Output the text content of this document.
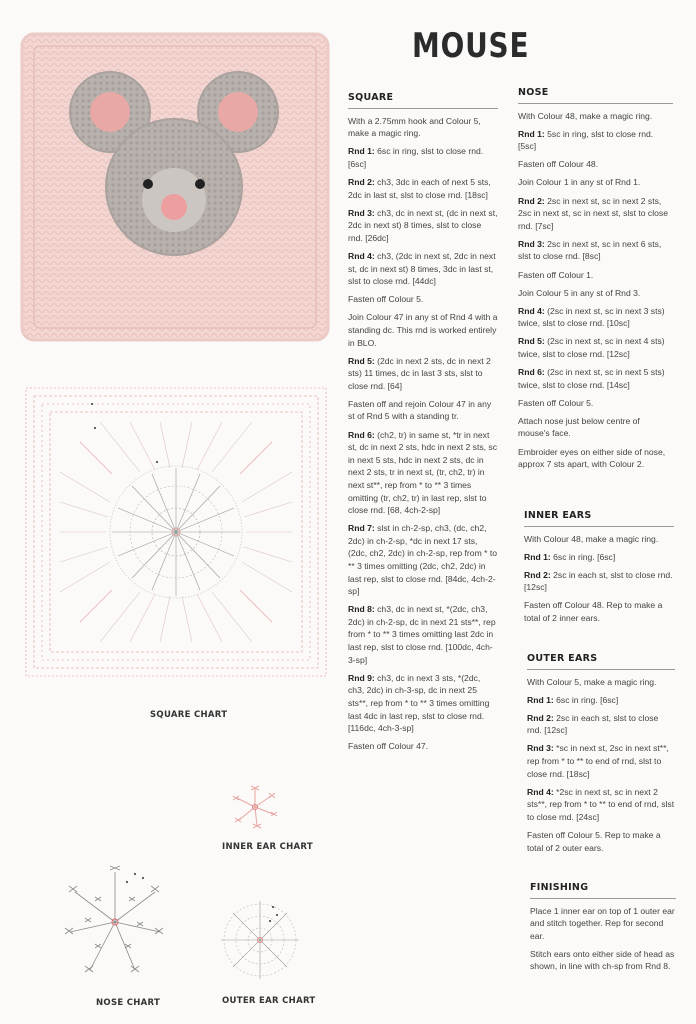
MOUSE
SQUARE CHART
INNER EAR CHART
NOSE CHART	OUTER EAR CHART
SQUARE

With a 2.75mm hook and Colour 5, make a magic ring.

Rnd 1: 6sc in ring, slst to close rnd. [6sc]

Rnd 2: ch3, 3dc in each of next 5 sts, 2dc in last st, slst to close rnd. [18sc]

Rnd 3: ch3, dc in next st, (dc in next st, 2dc in next st) 8 times, slst to close rnd. [26dc]

Rnd 4: ch3, (2dc in next st, 2dc in next st, dc in next st) 8 times, 3dc in last st, slst to close rnd. [44dc]

Fasten off Colour 5.

Join Colour 47 in any st of Rnd 4 with a standing dc. This rnd is worked entirely in BLO.

Rnd 5: (2dc in next 2 sts, dc in next 2 sts) 11 times, dc in last 3 sts, slst to close rnd. [64]

Fasten off and rejoin Colour 47 in any st of Rnd 5 with a standing tr.

Rnd 6: (ch2, tr) in same st, *tr in next st, dc in next 2 sts, hdc in next 2 sts, sc in next 5 sts, hdc in next 2 sts, dc in next 2 sts, tr in next st, (tr, ch2, tr) in next st**, rep from * to ** 3 times omitting (tr, ch2, tr) in last rep, slst to close rnd. [68, 4ch-2-sp]

Rnd 7: slst in ch-2-sp, ch3, (dc, ch2, 2dc) in ch-2-sp, *dc in next 17 sts, (2dc, ch2, 2dc) in ch-2-sp, rep from * to ** 3 times omitting (2dc, ch2, 2dc) in last rep, slst to close rnd. [84dc, 4ch-2-sp]

Rnd 8: ch3, dc in next st, *(2dc, ch3, 2dc) in ch-2-sp, dc in next 21 sts**, rep from * to ** 3 times omitting last 2dc in last rep, slst to close rnd. [100dc, 4ch-3-sp]

Rnd 9: ch3, dc in next 3 sts, *(2dc, ch3, 2dc) in ch-3-sp, dc in next 25 sts**, rep from * to ** 3 times omitting last 4dc in last rep, slst to close rnd. [116dc, 4ch-3-sp]

Fasten off Colour 47.

NOSE

With Colour 48, make a magic ring.

Rnd 1: 5sc in ring, slst to close rnd. [5sc]

Fasten off Colour 48.

Join Colour 1 in any st of Rnd 1.

Rnd 2: 2sc in next st, sc in next 2 sts, 2sc in next st, sc in next st, slst to close rnd. [7sc]

Rnd 3: 2sc in next st, sc in next 6 sts, slst to close rnd. [8sc]

Fasten off Colour 1.

Join Colour 5 in any st of Rnd 3.

Rnd 4: (2sc in next st, sc in next 3 sts) twice, slst to close rnd. [10sc]

Rnd 5: (2sc in next st, sc in next 4 sts) twice, slst to close rnd. [12sc]

Rnd 6: (2sc in next st, sc in next 5 sts) twice, slst to close rnd. [14sc]

Fasten off Colour 5.

Attach nose just below centre of mouse's face.

Embroider eyes on either side of nose, approx 7 sts apart, with Colour 2.

INNER EARS

With Colour 48, make a magic ring.

Rnd 1: 6sc in ring. [6sc]

Rnd 2: 2sc in each st, slst to close rnd. [12sc]

Fasten off Colour 48. Rep to make a total of 2 inner ears.

OUTER EARS

With Colour 5, make a magic ring.

Rnd 1: 6sc in ring. [6sc]

Rnd 2: 2sc in each st, slst to close rnd. [12sc]

Rnd 3: *sc in next st, 2sc in next st**, rep from * to ** to end of rnd, slst to close rnd. [18sc]

Rnd 4: *2sc in next st, sc in next 2 sts**, rep from * to ** to end of rnd, slst to close rnd. [24sc]

Fasten off Colour 5. Rep to make a total of 2 outer ears.

FINISHING

Place 1 inner ear on top of 1 outer ear and stitch together. Rep for second ear.

Stitch ears onto either side of head as shown, in line with ch-sp from Rnd 8.
